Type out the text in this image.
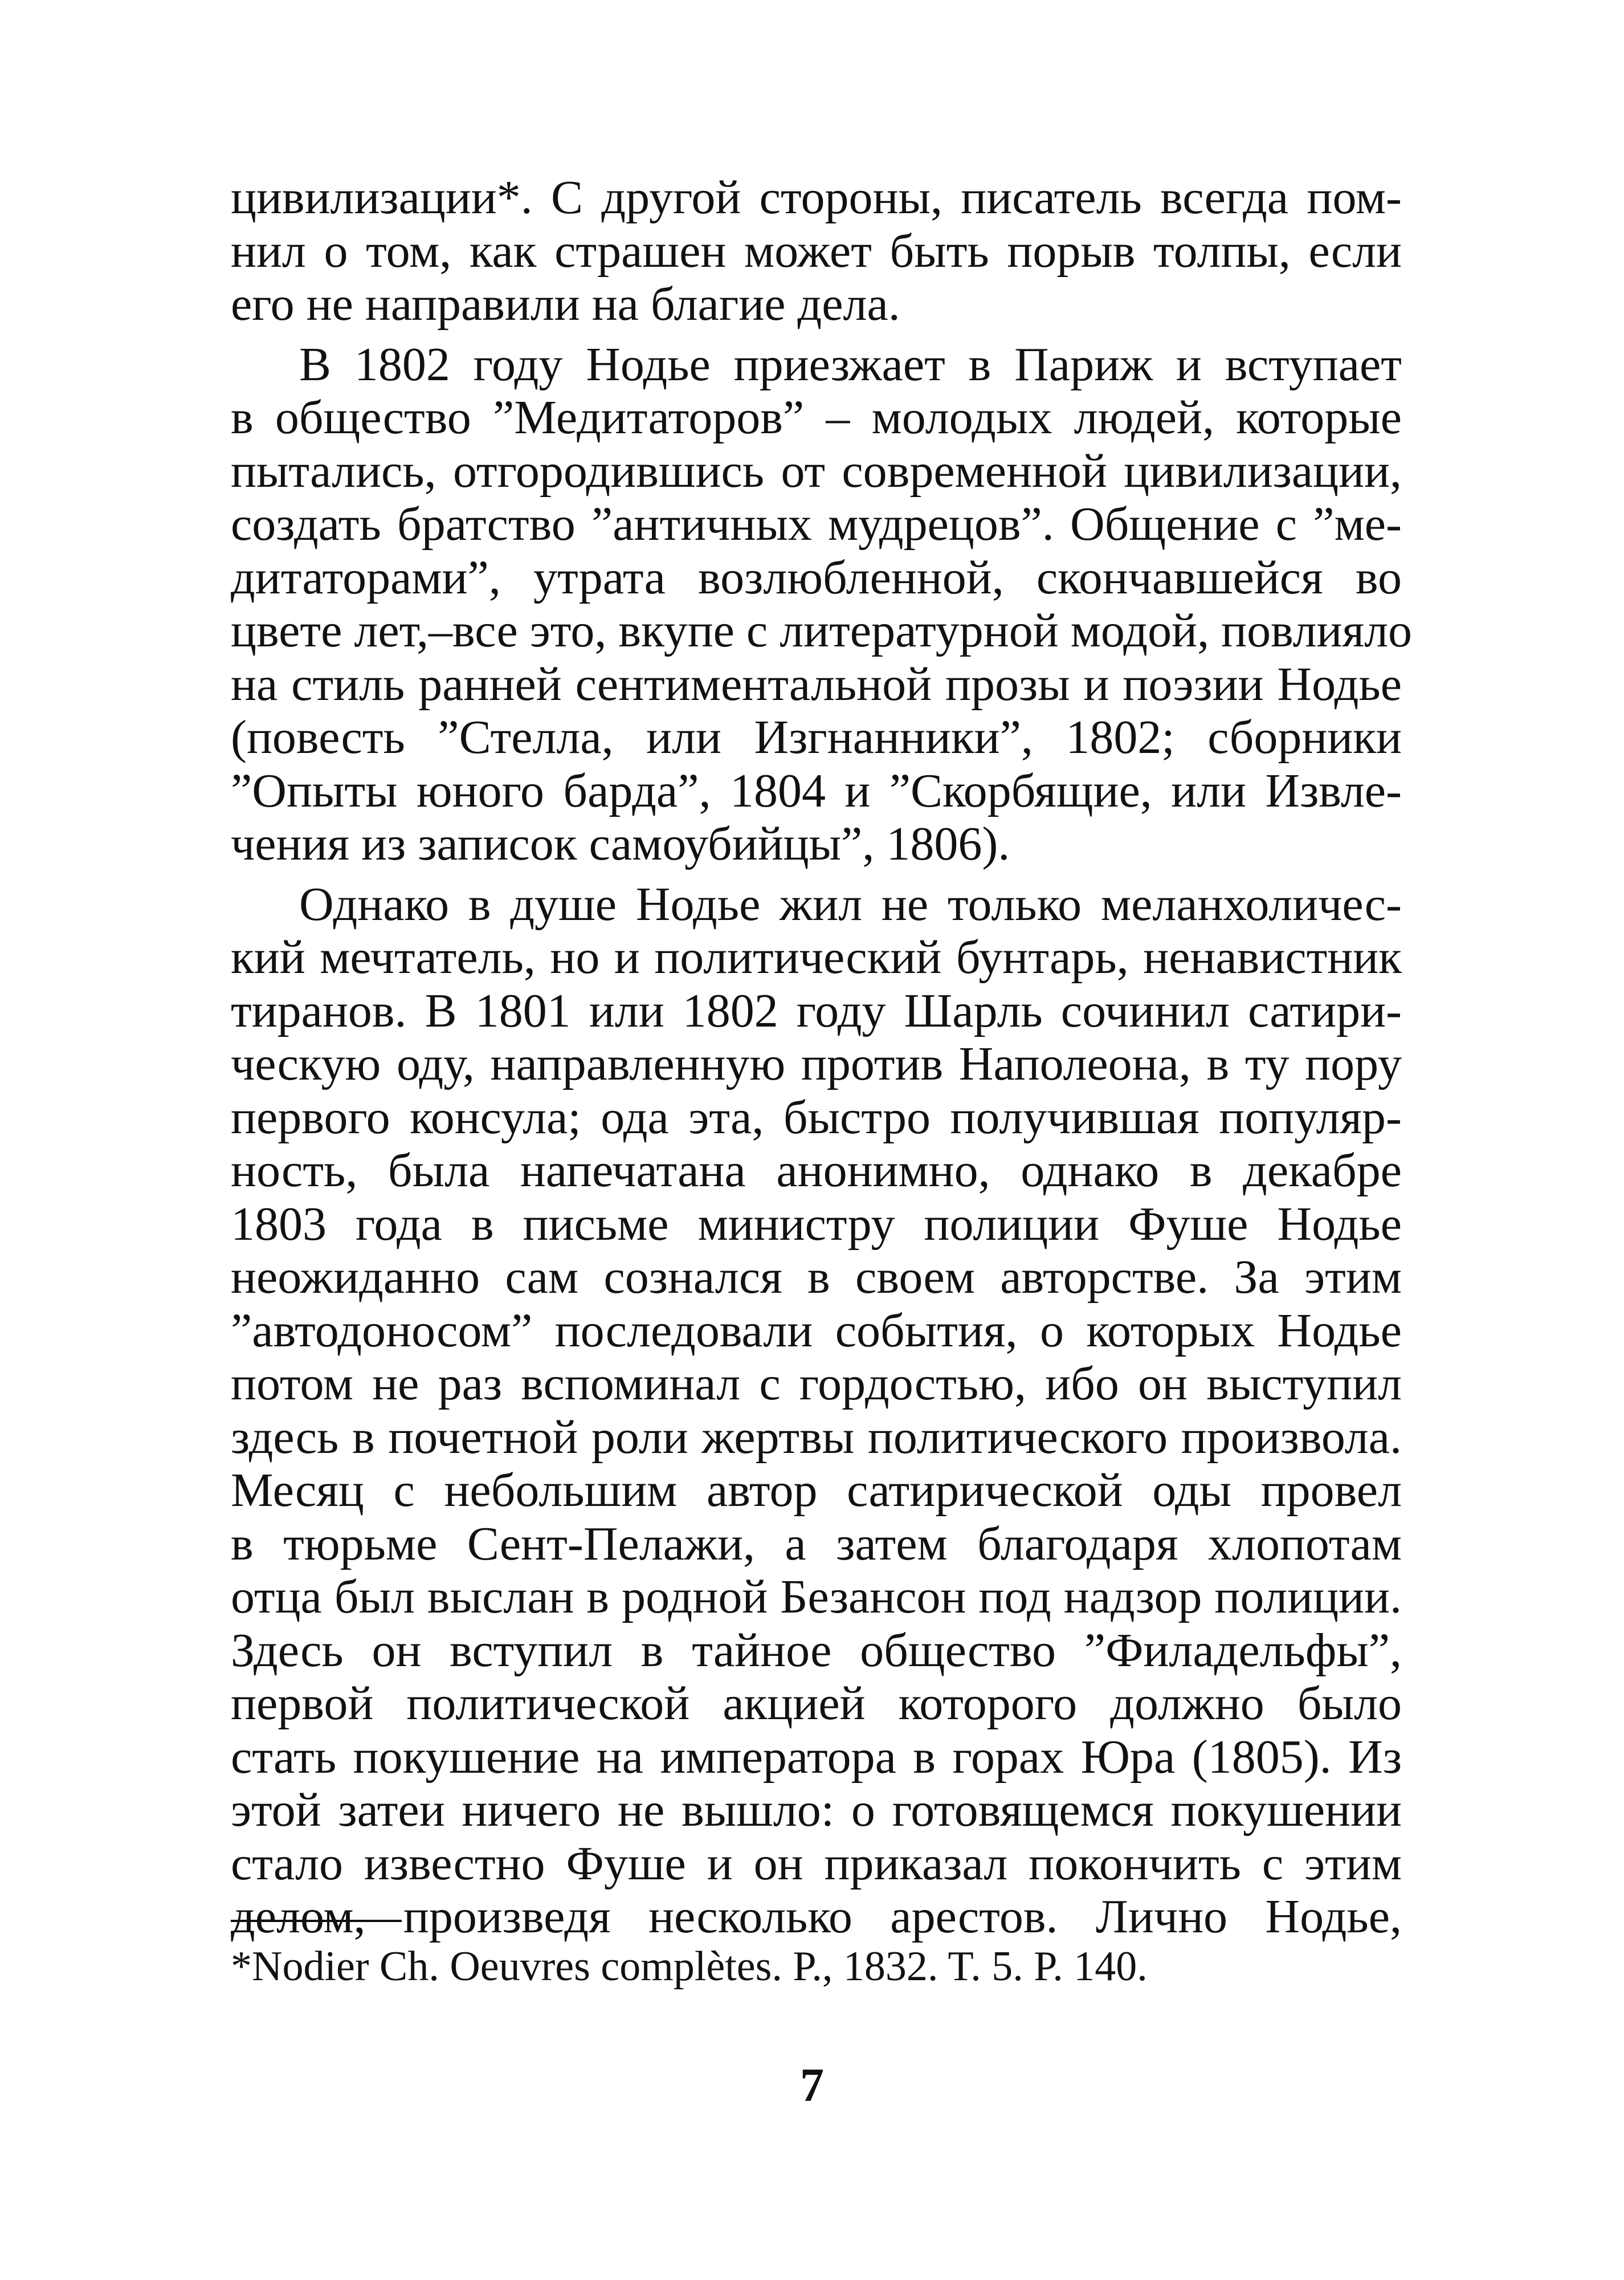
цивилизации*. С другой стороны, писатель всегда пом-
нил о том, как страшен может быть порыв толпы, если
его не направили на благие дела.
В 1802 году Нодье приезжает в Париж и вступает
в общество ”Медитаторов” – молодых людей, которые
пытались, отгородившись от современной цивилизации,
создать братство ”античных мудрецов”. Общение с ”ме-
дитаторами”, утрата возлюбленной, скончавшейся во
цвете лет,–все это, вкупе с литературной модой, повлияло
на стиль ранней сентиментальной прозы и поэзии Нодье
(повесть ”Стелла, или Изгнанники”, 1802; сборники
”Опыты юного барда”, 1804 и ”Скорбящие, или Извле-
чения из записок самоубийцы”, 1806).
Однако в душе Нодье жил не только меланхоличес-
кий мечтатель, но и политический бунтарь, ненавистник
тиранов. В 1801 или 1802 году Шарль сочинил сатири-
ческую оду, направленную против Наполеона, в ту пору
первого консула; ода эта, быстро получившая популяр-
ность, была напечатана анонимно, однако в декабре
1803 года в письме министру полиции Фуше Нодье
неожиданно сам сознался в своем авторстве. За этим
”автодоносом” последовали события, о которых Нодье
потом не раз вспоминал с гордостью, ибо он выступил
здесь в почетной роли жертвы политического произвола.
Месяц с небольшим автор сатирической оды провел
в тюрьме Сент-Пелажи, а затем благодаря хлопотам
отца был выслан в родной Безансон под надзор полиции.
Здесь он вступил в тайное общество ”Филадельфы”,
первой политической акцией которого должно было
стать покушение на императора в горах Юра (1805). Из
этой затеи ничего не вышло: о готовящемся покушении
стало известно Фуше и он приказал покончить с этим
делом, произведя несколько арестов. Лично Нодье,
*Nodier Ch. Oeuvres complètes. P., 1832. T. 5. P. 140.
7
